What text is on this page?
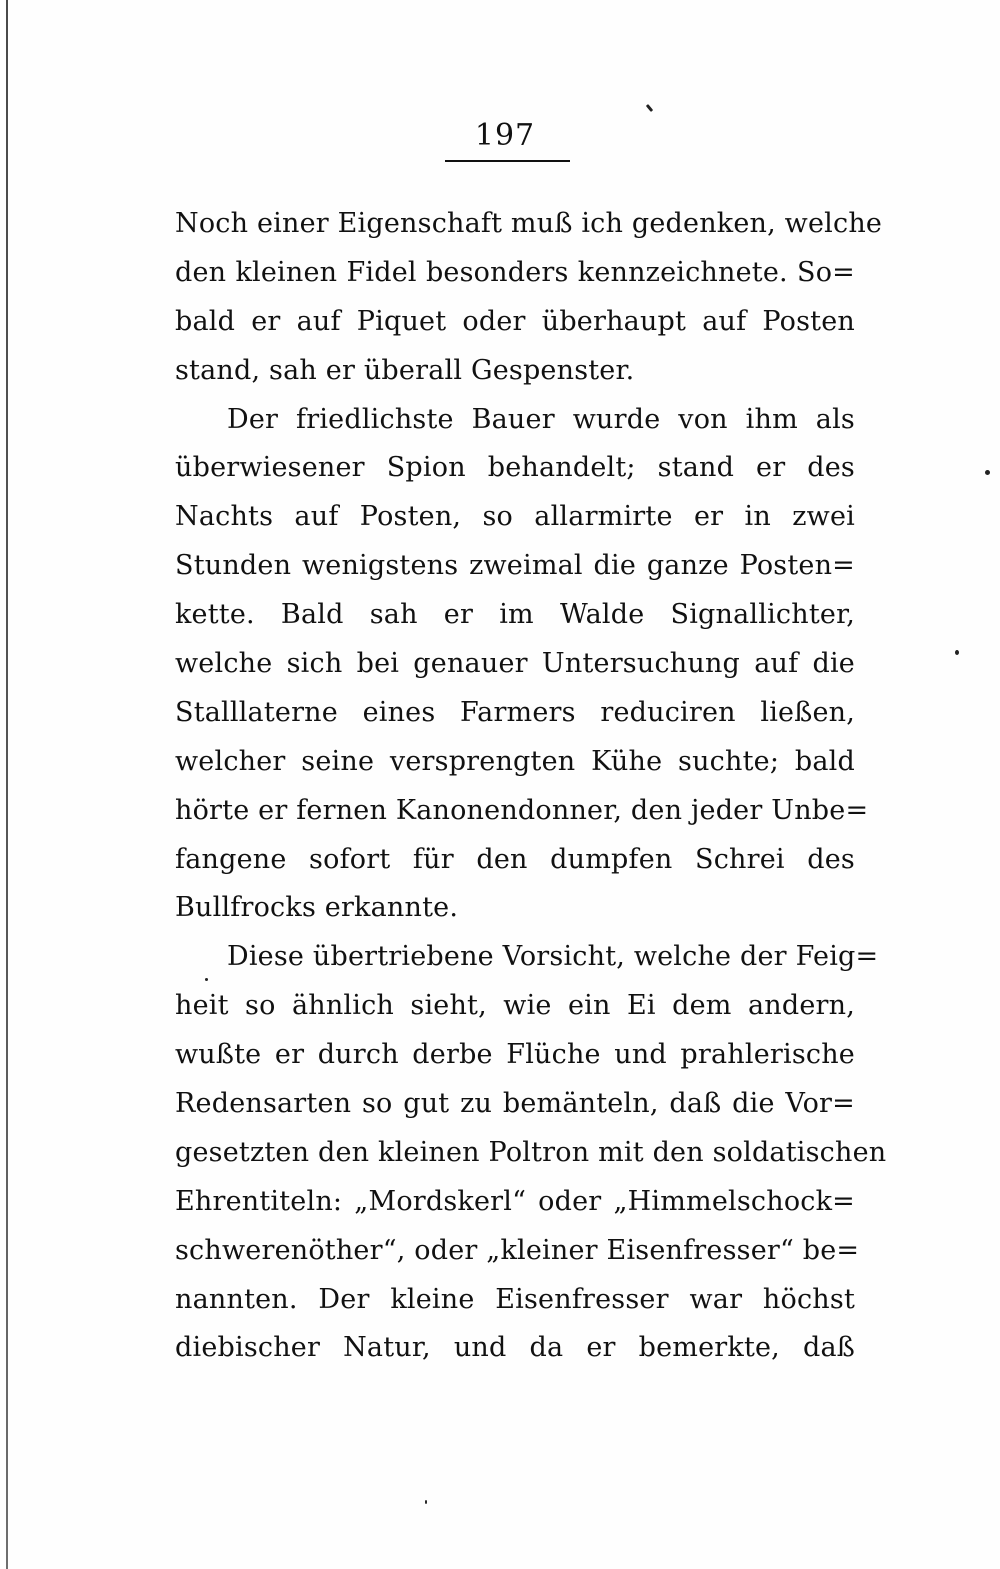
197
Noch einer Eigenschaft muß ich gedenken, welche
den kleinen Fidel besonders kennzeichnete. So=
bald er auf Piquet oder überhaupt auf Posten
stand, sah er überall Gespenster.
Der friedlichste Bauer wurde von ihm als
überwiesener Spion behandelt; stand er des
Nachts auf Posten, so allarmirte er in zwei
Stunden wenigstens zweimal die ganze Posten=
kette. Bald sah er im Walde Signallichter,
welche sich bei genauer Untersuchung auf die
Stalllaterne eines Farmers reduciren ließen,
welcher seine versprengten Kühe suchte; bald
hörte er fernen Kanonendonner, den jeder Unbe=
fangene sofort für den dumpfen Schrei des
Bullfrocks erkannte.
Diese übertriebene Vorsicht, welche der Feig=
heit so ähnlich sieht, wie ein Ei dem andern,
wußte er durch derbe Flüche und prahlerische
Redensarten so gut zu bemänteln, daß die Vor=
gesetzten den kleinen Poltron mit den soldatischen
Ehrentiteln: „Mordskerl“ oder „Himmelschock=
schwerenöther“, oder „kleiner Eisenfresser“ be=
nannten. Der kleine Eisenfresser war höchst
diebischer Natur, und da er bemerkte, daß
